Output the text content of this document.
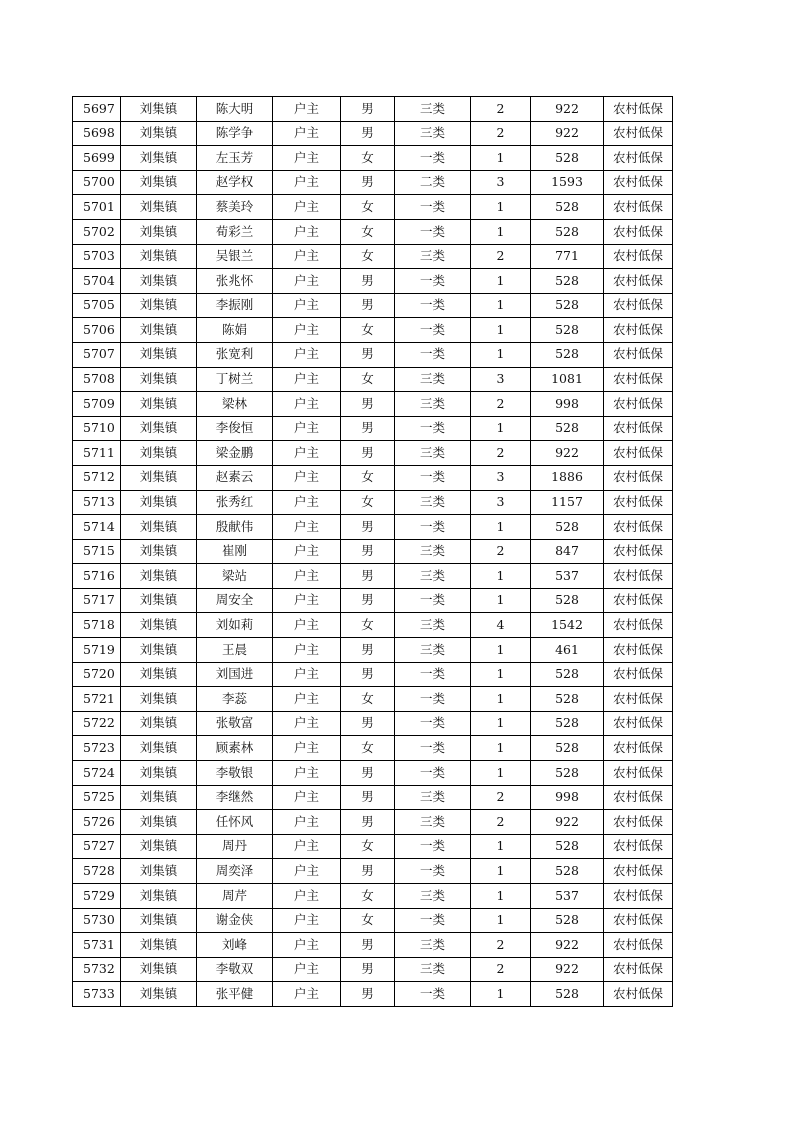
5697	刘集镇	陈大明	户主	男	三类	2	922	农村低保
5698	刘集镇	陈学争	户主	男	三类	2	922	农村低保
5699	刘集镇	左玉芳	户主	女	一类	1	528	农村低保
5700	刘集镇	赵学权	户主	男	二类	3	1593	农村低保
5701	刘集镇	蔡美玲	户主	女	一类	1	528	农村低保
5702	刘集镇	荀彩兰	户主	女	一类	1	528	农村低保
5703	刘集镇	吴银兰	户主	女	三类	2	771	农村低保
5704	刘集镇	张兆怀	户主	男	一类	1	528	农村低保
5705	刘集镇	李振刚	户主	男	一类	1	528	农村低保
5706	刘集镇	陈娟	户主	女	一类	1	528	农村低保
5707	刘集镇	张宽利	户主	男	一类	1	528	农村低保
5708	刘集镇	丁树兰	户主	女	三类	3	1081	农村低保
5709	刘集镇	梁林	户主	男	三类	2	998	农村低保
5710	刘集镇	李俊恒	户主	男	一类	1	528	农村低保
5711	刘集镇	梁金鹏	户主	男	三类	2	922	农村低保
5712	刘集镇	赵素云	户主	女	一类	3	1886	农村低保
5713	刘集镇	张秀红	户主	女	三类	3	1157	农村低保
5714	刘集镇	殷献伟	户主	男	一类	1	528	农村低保
5715	刘集镇	崔刚	户主	男	三类	2	847	农村低保
5716	刘集镇	梁站	户主	男	三类	1	537	农村低保
5717	刘集镇	周安全	户主	男	一类	1	528	农村低保
5718	刘集镇	刘如莉	户主	女	三类	4	1542	农村低保
5719	刘集镇	王晨	户主	男	三类	1	461	农村低保
5720	刘集镇	刘国进	户主	男	一类	1	528	农村低保
5721	刘集镇	李蕊	户主	女	一类	1	528	农村低保
5722	刘集镇	张敬富	户主	男	一类	1	528	农村低保
5723	刘集镇	顾素林	户主	女	一类	1	528	农村低保
5724	刘集镇	李敬银	户主	男	一类	1	528	农村低保
5725	刘集镇	李继然	户主	男	三类	2	998	农村低保
5726	刘集镇	任怀风	户主	男	三类	2	922	农村低保
5727	刘集镇	周丹	户主	女	一类	1	528	农村低保
5728	刘集镇	周奕泽	户主	男	一类	1	528	农村低保
5729	刘集镇	周芹	户主	女	三类	1	537	农村低保
5730	刘集镇	谢金侠	户主	女	一类	1	528	农村低保
5731	刘集镇	刘峰	户主	男	三类	2	922	农村低保
5732	刘集镇	李敬双	户主	男	三类	2	922	农村低保
5733	刘集镇	张平健	户主	男	一类	1	528	农村低保
